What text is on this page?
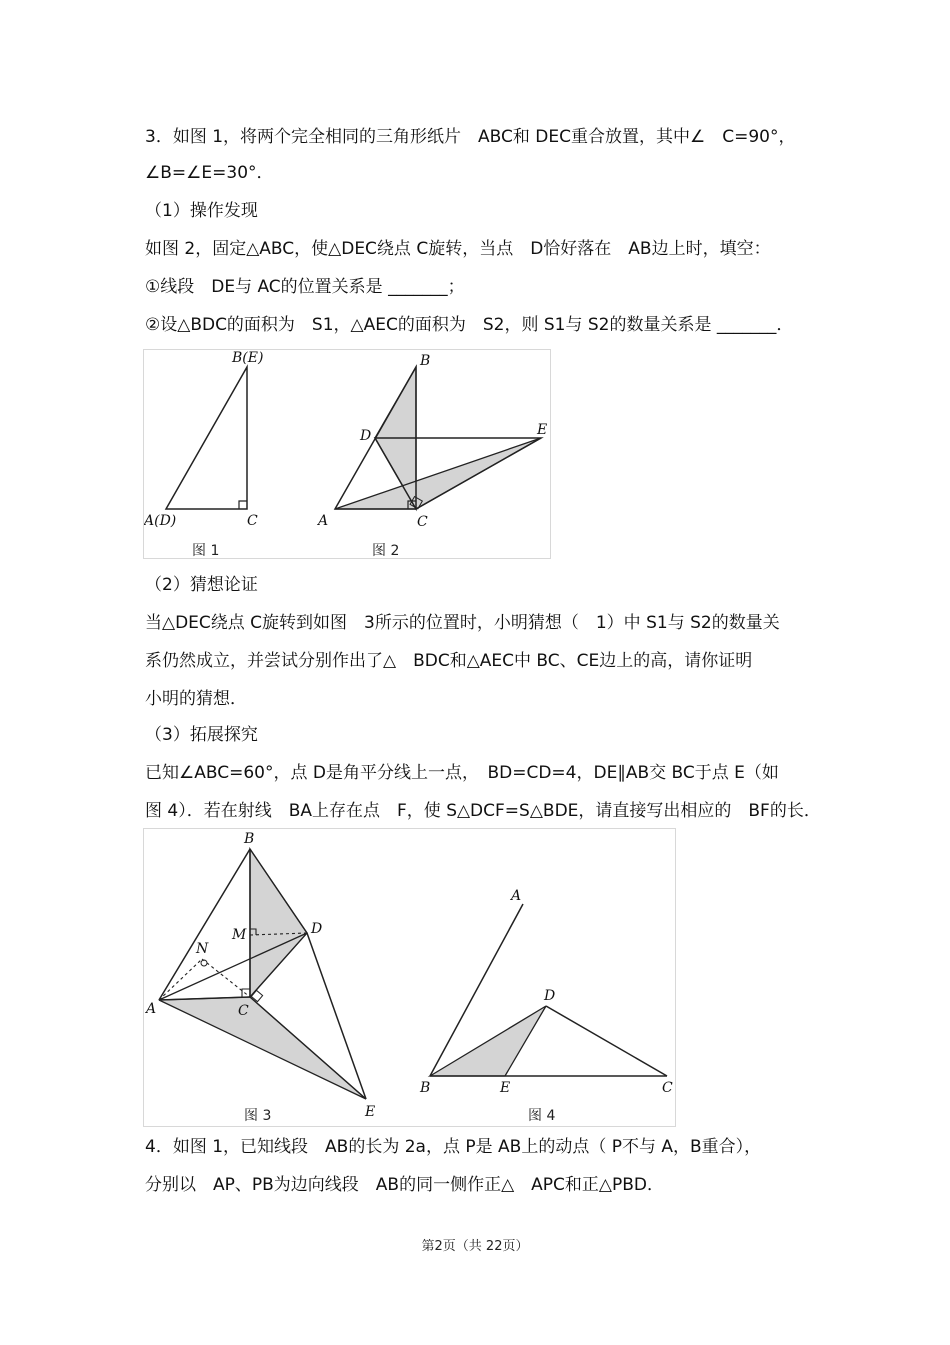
3．如图 1，将两个完全相同的三角形纸片　ABC和 DEC重合放置，其中∠　C=90°，
∠B=∠E=30°．
（1）操作发现
如图 2，固定△ABC，使△DEC绕点 C旋转，当点　D恰好落在　AB边上时，填空：
①线段　DE与 AC的位置关系是 _______；
②设△BDC的面积为　S1，△AEC的面积为　S2，则 S1与 S2的数量关系是 _______．
B(E)
A(D)	C
图 1
B
D	E
A	C
图 2
（2）猜想论证
当△DEC绕点 C旋转到如图　3所示的位置时，小明猜想（　1）中 S1与 S2的数量关
系仍然成立，并尝试分别作出了△　BDC和△AEC中 BC、CE边上的高，请你证明
小明的猜想．
（3）拓展探究
已知∠ABC=60°，点 D是角平分线上一点，　BD=CD=4，DE∥AB交 BC于点 E（如
图 4）．若在射线　BA上存在点　F，使 S△DCF=S△BDE，请直接写出相应的　BF的长．
B
M	D
N
A	C
E
图 3
A
D
B	E	C
图 4
4．如图 1，已知线段　AB的长为 2a，点 P是 AB上的动点（ P不与 A，B重合），
分别以　AP、PB为边向线段　AB的同一侧作正△　APC和正△PBD．
第2页（共 22页）
